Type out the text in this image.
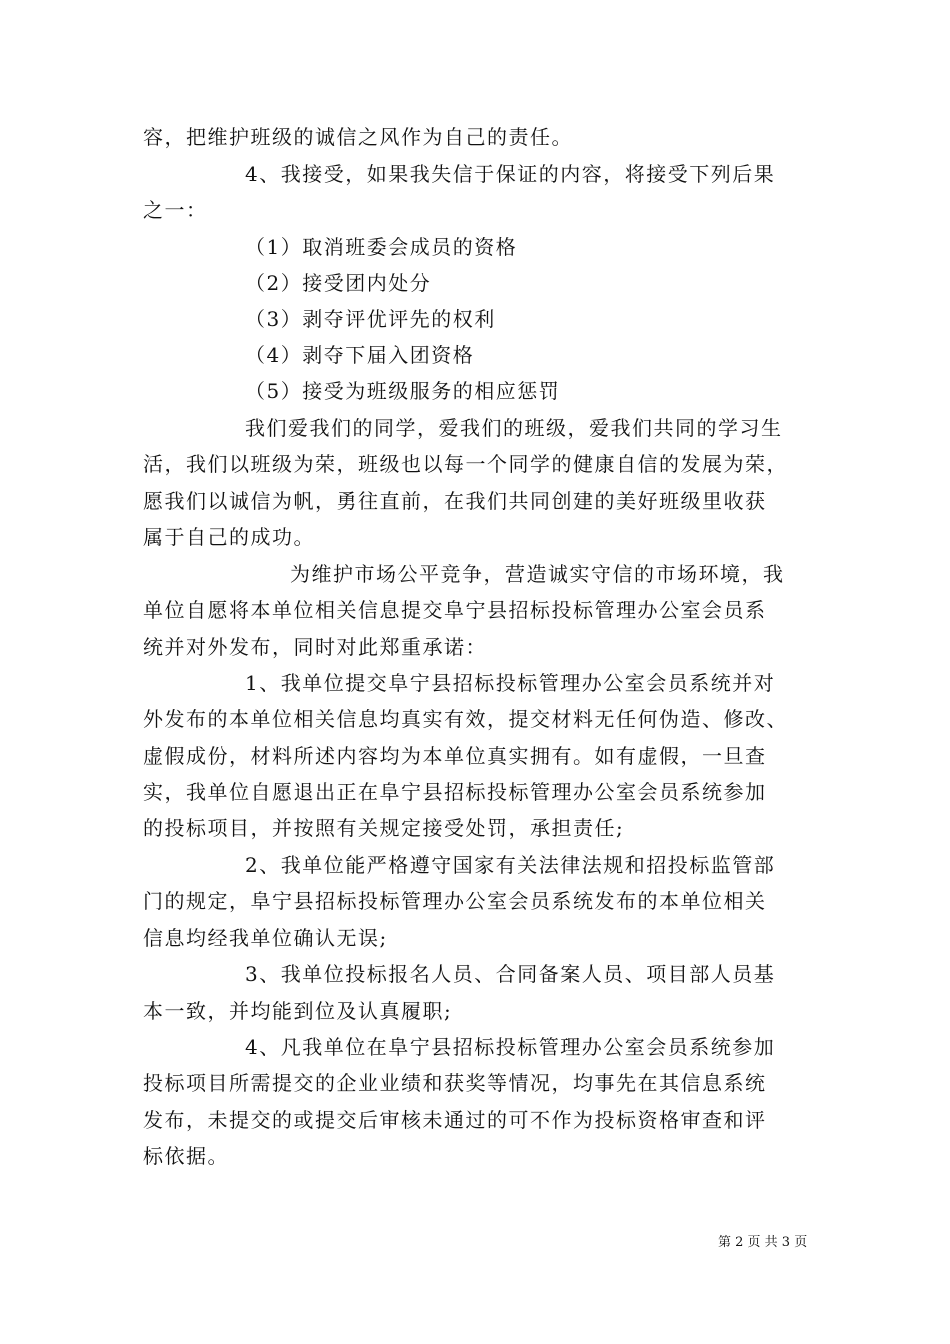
容，把维护班级的诚信之风作为自己的责任。
4、我接受，如果我失信于保证的内容，将接受下列后果
之一：
（1）取消班委会成员的资格
（2）接受团内处分
（3）剥夺评优评先的权利
（4）剥夺下届入团资格
（5）接受为班级服务的相应惩罚
我们爱我们的同学，爱我们的班级，爱我们共同的学习生
活，我们以班级为荣，班级也以每一个同学的健康自信的发展为荣，
愿我们以诚信为帆，勇往直前，在我们共同创建的美好班级里收获
属于自己的成功。
为维护市场公平竞争，营造诚实守信的市场环境，我
单位自愿将本单位相关信息提交阜宁县招标投标管理办公室会员系
统并对外发布，同时对此郑重承诺：
1、我单位提交阜宁县招标投标管理办公室会员系统并对
外发布的本单位相关信息均真实有效，提交材料无任何伪造、修改、
虚假成份，材料所述内容均为本单位真实拥有。如有虚假，一旦查
实，我单位自愿退出正在阜宁县招标投标管理办公室会员系统参加
的投标项目，并按照有关规定接受处罚，承担责任;
2、我单位能严格遵守国家有关法律法规和招投标监管部
门的规定，阜宁县招标投标管理办公室会员系统发布的本单位相关
信息均经我单位确认无误;
3、我单位投标报名人员、合同备案人员、项目部人员基
本一致，并均能到位及认真履职;
4、凡我单位在阜宁县招标投标管理办公室会员系统参加
投标项目所需提交的企业业绩和获奖等情况，均事先在其信息系统
发布，未提交的或提交后审核未通过的可不作为投标资格审查和评
标依据。
第 2 页 共 3 页
